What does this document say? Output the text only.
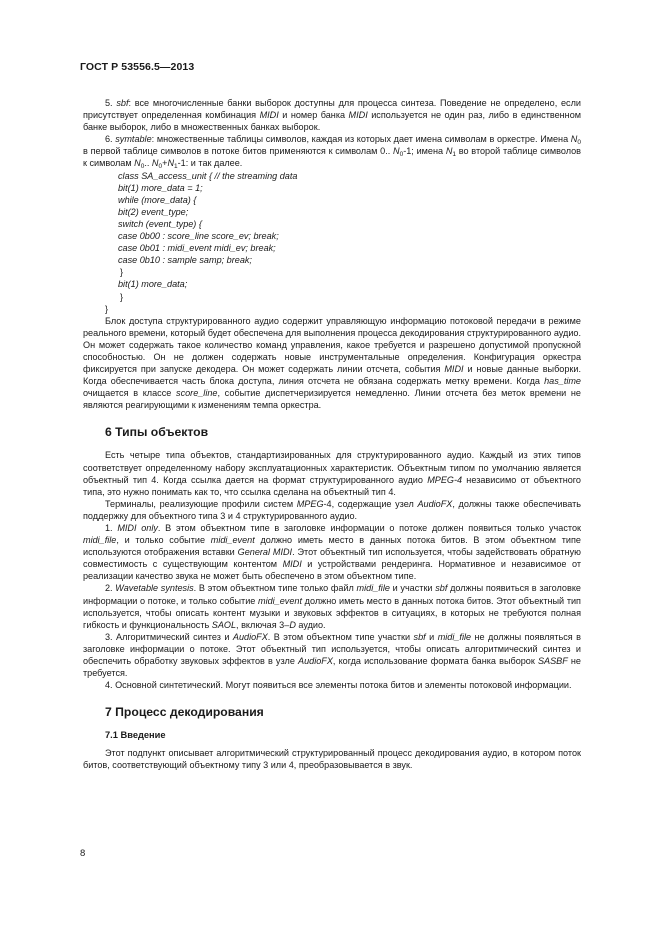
ГОСТ Р 53556.5—2013

5. sbf: все многочисленные банки выборок доступны для процесса синтеза. Поведение не определено, если присутствует определенная комбинация MIDI и номер банка MIDI используется не один раз, либо в единственном банке выборок, либо в множественных банках выборок.

6. symtable: множественные таблицы символов, каждая из которых дает имена символам в оркестре. Имена $N_0$ в первой таблице символов в потоке битов применяются к символам 0.. $N_0-1$; имена $N_1$ во второй таблице символов к символам $N_0$.. $N_0+N_1-1$: и так далее.

class SA_access_unit { // the streaming data

bit(1) more_data = 1;

while (more_data) {

bit(2) event_type;

switch (event_type) {

case 0b00 : score_line score_ev; break;

case 0b01 : midi_event midi_ev; break;

case 0b10 : sample samp; break;

}

bit(1) more_data;

}

}

Блок доступа структурированного аудио содержит управляющую информацию потоковой передачи в режиме реального времени, который будет обеспечена для выполнения процесса декодирования структурированного аудио. Он может содержать такое количество команд управления, какое требуется и разрешено допустимой пропускной способностью. Он не должен содержать новые инструментальные определения. Конфигурация оркестра фиксируется при запуске декодера. Он может содержать линии отсчета, события MIDI и новые данные выборки. Когда обеспечивается часть блока доступа, линия отсчета не обязана содержать метку времени. Когда has_time очищается в классе score_line, событие диспетчеризируется немедленно. Линии отсчета без меток времени не являются реагирующими к изменениям темпа оркестра.

6 Типы объектов

Есть четыре типа объектов, стандартизированных для структурированного аудио. Каждый из этих типов соответствует определенному набору эксплуатационных характеристик. Объектным типом по умолчанию является объектный тип 4. Когда ссылка дается на формат структурированного аудио MPEG-4 независимо от объектного типа, это нужно понимать как то, что ссылка сделана на объектный тип 4.

Терминалы, реализующие профили систем MPEG-4, содержащие узел AudioFX, должны также обеспечивать поддержку для объектного типа 3 и 4 структурированного аудио.

1. MIDI only. В этом объектном типе в заголовке информации о потоке должен появиться только участок midi_file, и только событие midi_event должно иметь место в данных потока битов. В этом объектном типе используются отображения вставки General MIDI. Этот объектный тип используется, чтобы задействовать обратную совместимость с существующим контентом MIDI и устройствами рендеринга. Нормативное и независимое от реализации качество звука не может быть обеспечено в этом объектном типе.

2. Wavetable syntesis. В этом объектном типе только файл midi_file и участки sbf должны появиться в заголовке информации о потоке, и только событие midi_event должно иметь место в данных потока битов. Этот объектный тип используется, чтобы описать контент музыки и звуковых эффектов в ситуациях, в которых не требуются полная гибкость и функциональность SAOL, включая 3–D аудио.

3. Алгоритмический синтез и AudioFX. В этом объектном типе участки sbf и midi_file не должны появляться в заголовке информации о потоке. Этот объектный тип используется, чтобы описать алгоритмический синтез и обеспечить обработку звуковых эффектов в узле AudioFX, когда использование формата банка выборок SASBF не требуется.

4. Основной синтетический. Могут появиться все элементы потока битов и элементы потоковой информации.

7 Процесс декодирования
7.1 Введение

Этот подпункт описывает алгоритмический структурированный процесс декодирования аудио, в котором поток битов, соответствующий объектному типу 3 или 4, преобразовывается в звук.

8
